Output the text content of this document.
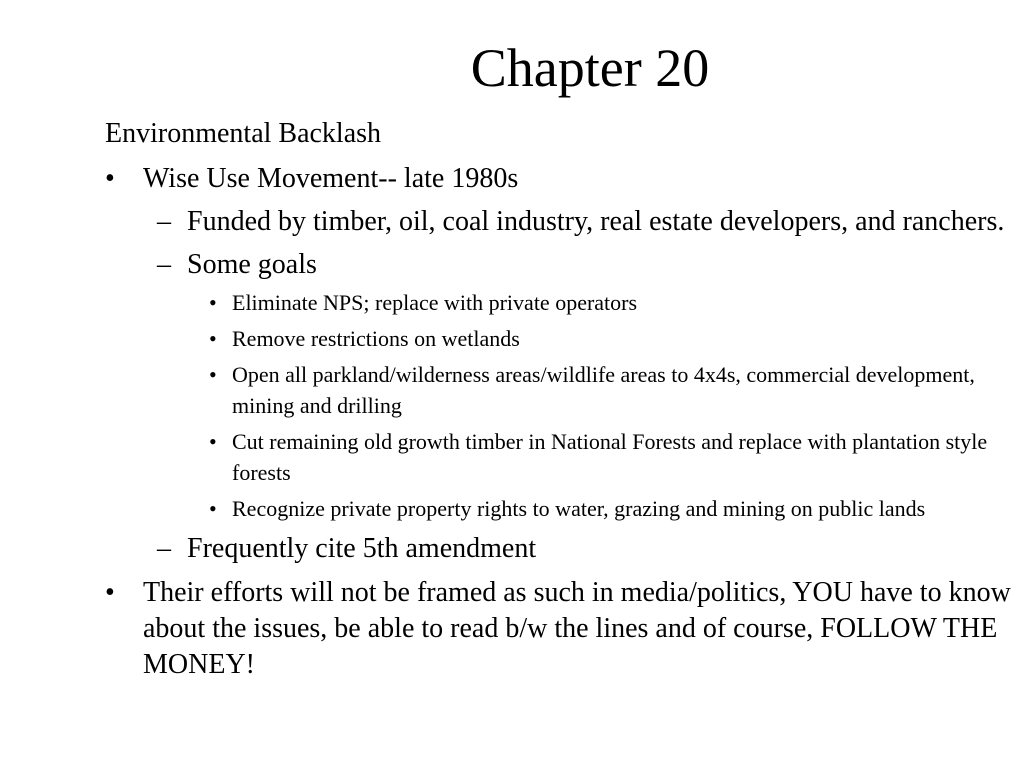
Chapter 20

Environmental Backlash

• Wise Use Movement-- late 1980s
– Funded by timber, oil, coal industry, real estate developers, and ranchers.
– Some goals
• Eliminate NPS; replace with private operators
• Remove restrictions on wetlands
• Open all parkland/wilderness areas/wildlife areas to 4x4s, commercial development, mining and drilling
• Cut remaining old growth timber in National Forests and replace with plantation style forests
• Recognize private property rights to water, grazing and mining on public lands
– Frequently cite 5th amendment
• Their efforts will not be framed as such in media/politics, YOU have to know about the issues, be able to read b/w the lines and of course, FOLLOW THE MONEY!
